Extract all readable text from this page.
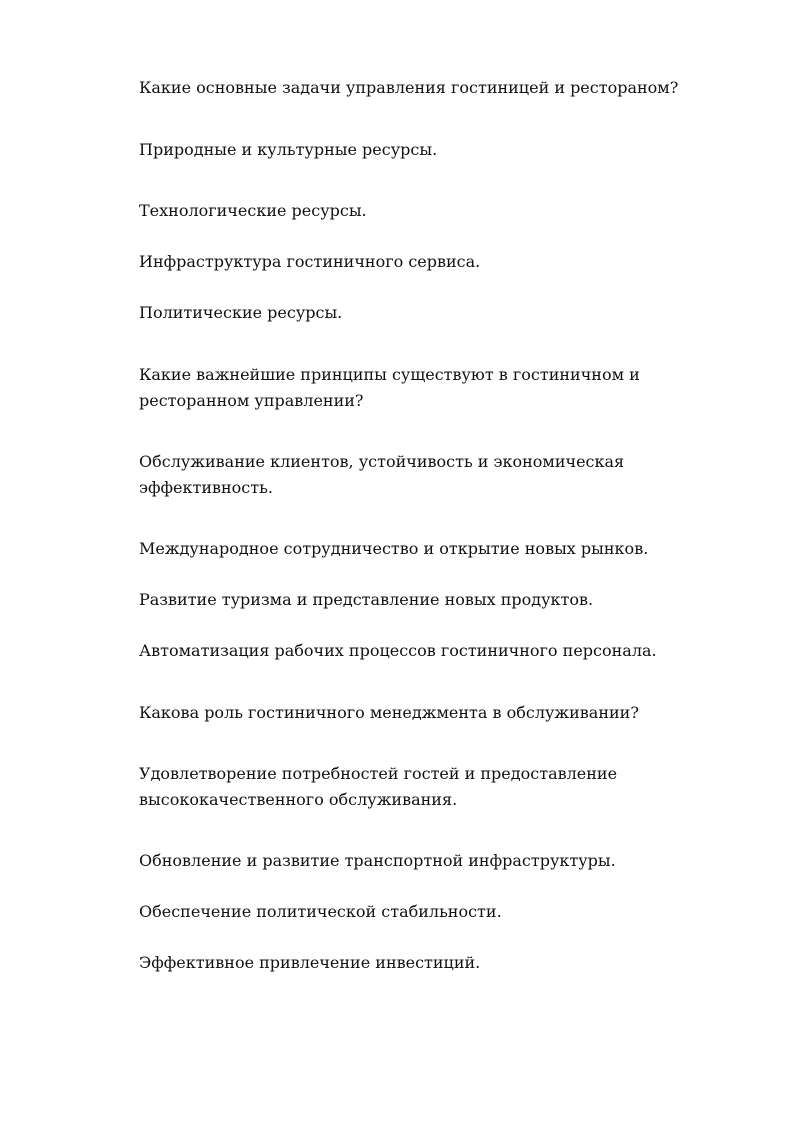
Какие основные задачи управления гостиницей и рестораном?

Природные и культурные ресурсы.

Технологические ресурсы.

Инфраструктура гостиничного сервиса.

Политические ресурсы.

Какие важнейшие принципы существуют в гостиничном и ресторанном управлении?

Обслуживание клиентов, устойчивость и экономическая эффективность.

Международное сотрудничество и открытие новых рынков.

Развитие туризма и представление новых продуктов.

Автоматизация рабочих процессов гостиничного персонала.

Какова роль гостиничного менеджмента в обслуживании?

Удовлетворение потребностей гостей и предоставление высококачественного обслуживания.

Обновление и развитие транспортной инфраструктуры.

Обеспечение политической стабильности.

Эффективное привлечение инвестиций.
